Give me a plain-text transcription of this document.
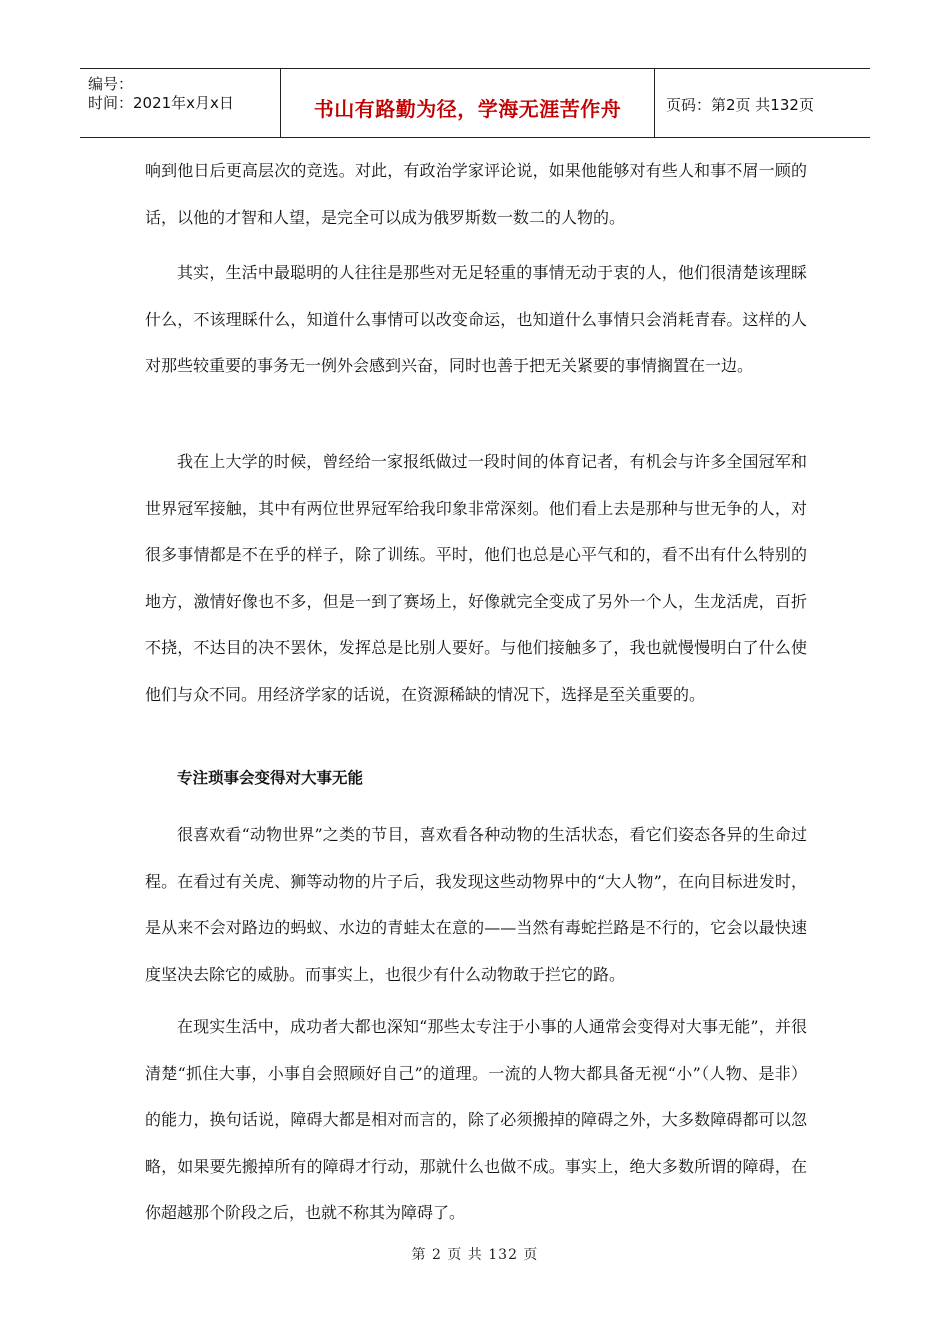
编号：
时间：2021年x月x日	书山有路勤为径，学海无涯苦作舟	页码：第2页 共132页

响到他日后更高层次的竞选。对此，有政治学家评论说，如果他能够对有些人和事不屑一顾的话，以他的才智和人望，是完全可以成为俄罗斯数一数二的人物的。

其实，生活中最聪明的人往往是那些对无足轻重的事情无动于衷的人，他们很清楚该理睬什么，不该理睬什么，知道什么事情可以改变命运，也知道什么事情只会消耗青春。这样的人对那些较重要的事务无一例外会感到兴奋，同时也善于把无关紧要的事情搁置在一边。

我在上大学的时候，曾经给一家报纸做过一段时间的体育记者，有机会与许多全国冠军和世界冠军接触，其中有两位世界冠军给我印象非常深刻。他们看上去是那种与世无争的人，对很多事情都是不在乎的样子，除了训练。平时，他们也总是心平气和的，看不出有什么特别的地方，激情好像也不多，但是一到了赛场上，好像就完全变成了另外一个人，生龙活虎，百折不挠，不达目的决不罢休，发挥总是比别人要好。与他们接触多了，我也就慢慢明白了什么使他们与众不同。用经济学家的话说，在资源稀缺的情况下，选择是至关重要的。

专注琐事会变得对大事无能

很喜欢看“动物世界”之类的节目，喜欢看各种动物的生活状态，看它们姿态各异的生命过程。在看过有关虎、狮等动物的片子后，我发现这些动物界中的“大人物”，在向目标进发时，是从来不会对路边的蚂蚁、水边的青蛙太在意的——当然有毒蛇拦路是不行的，它会以最快速度坚决去除它的威胁。而事实上，也很少有什么动物敢于拦它的路。

在现实生活中，成功者大都也深知“那些太专注于小事的人通常会变得对大事无能”，并很清楚“抓住大事，小事自会照顾好自己”的道理。一流的人物大都具备无视“小”（人物、是非）的能力，换句话说，障碍大都是相对而言的，除了必须搬掉的障碍之外，大多数障碍都可以忽略，如果要先搬掉所有的障碍才行动，那就什么也做不成。事实上，绝大多数所谓的障碍，在你超越那个阶段之后，也就不称其为障碍了。

第 2 页 共 132 页
